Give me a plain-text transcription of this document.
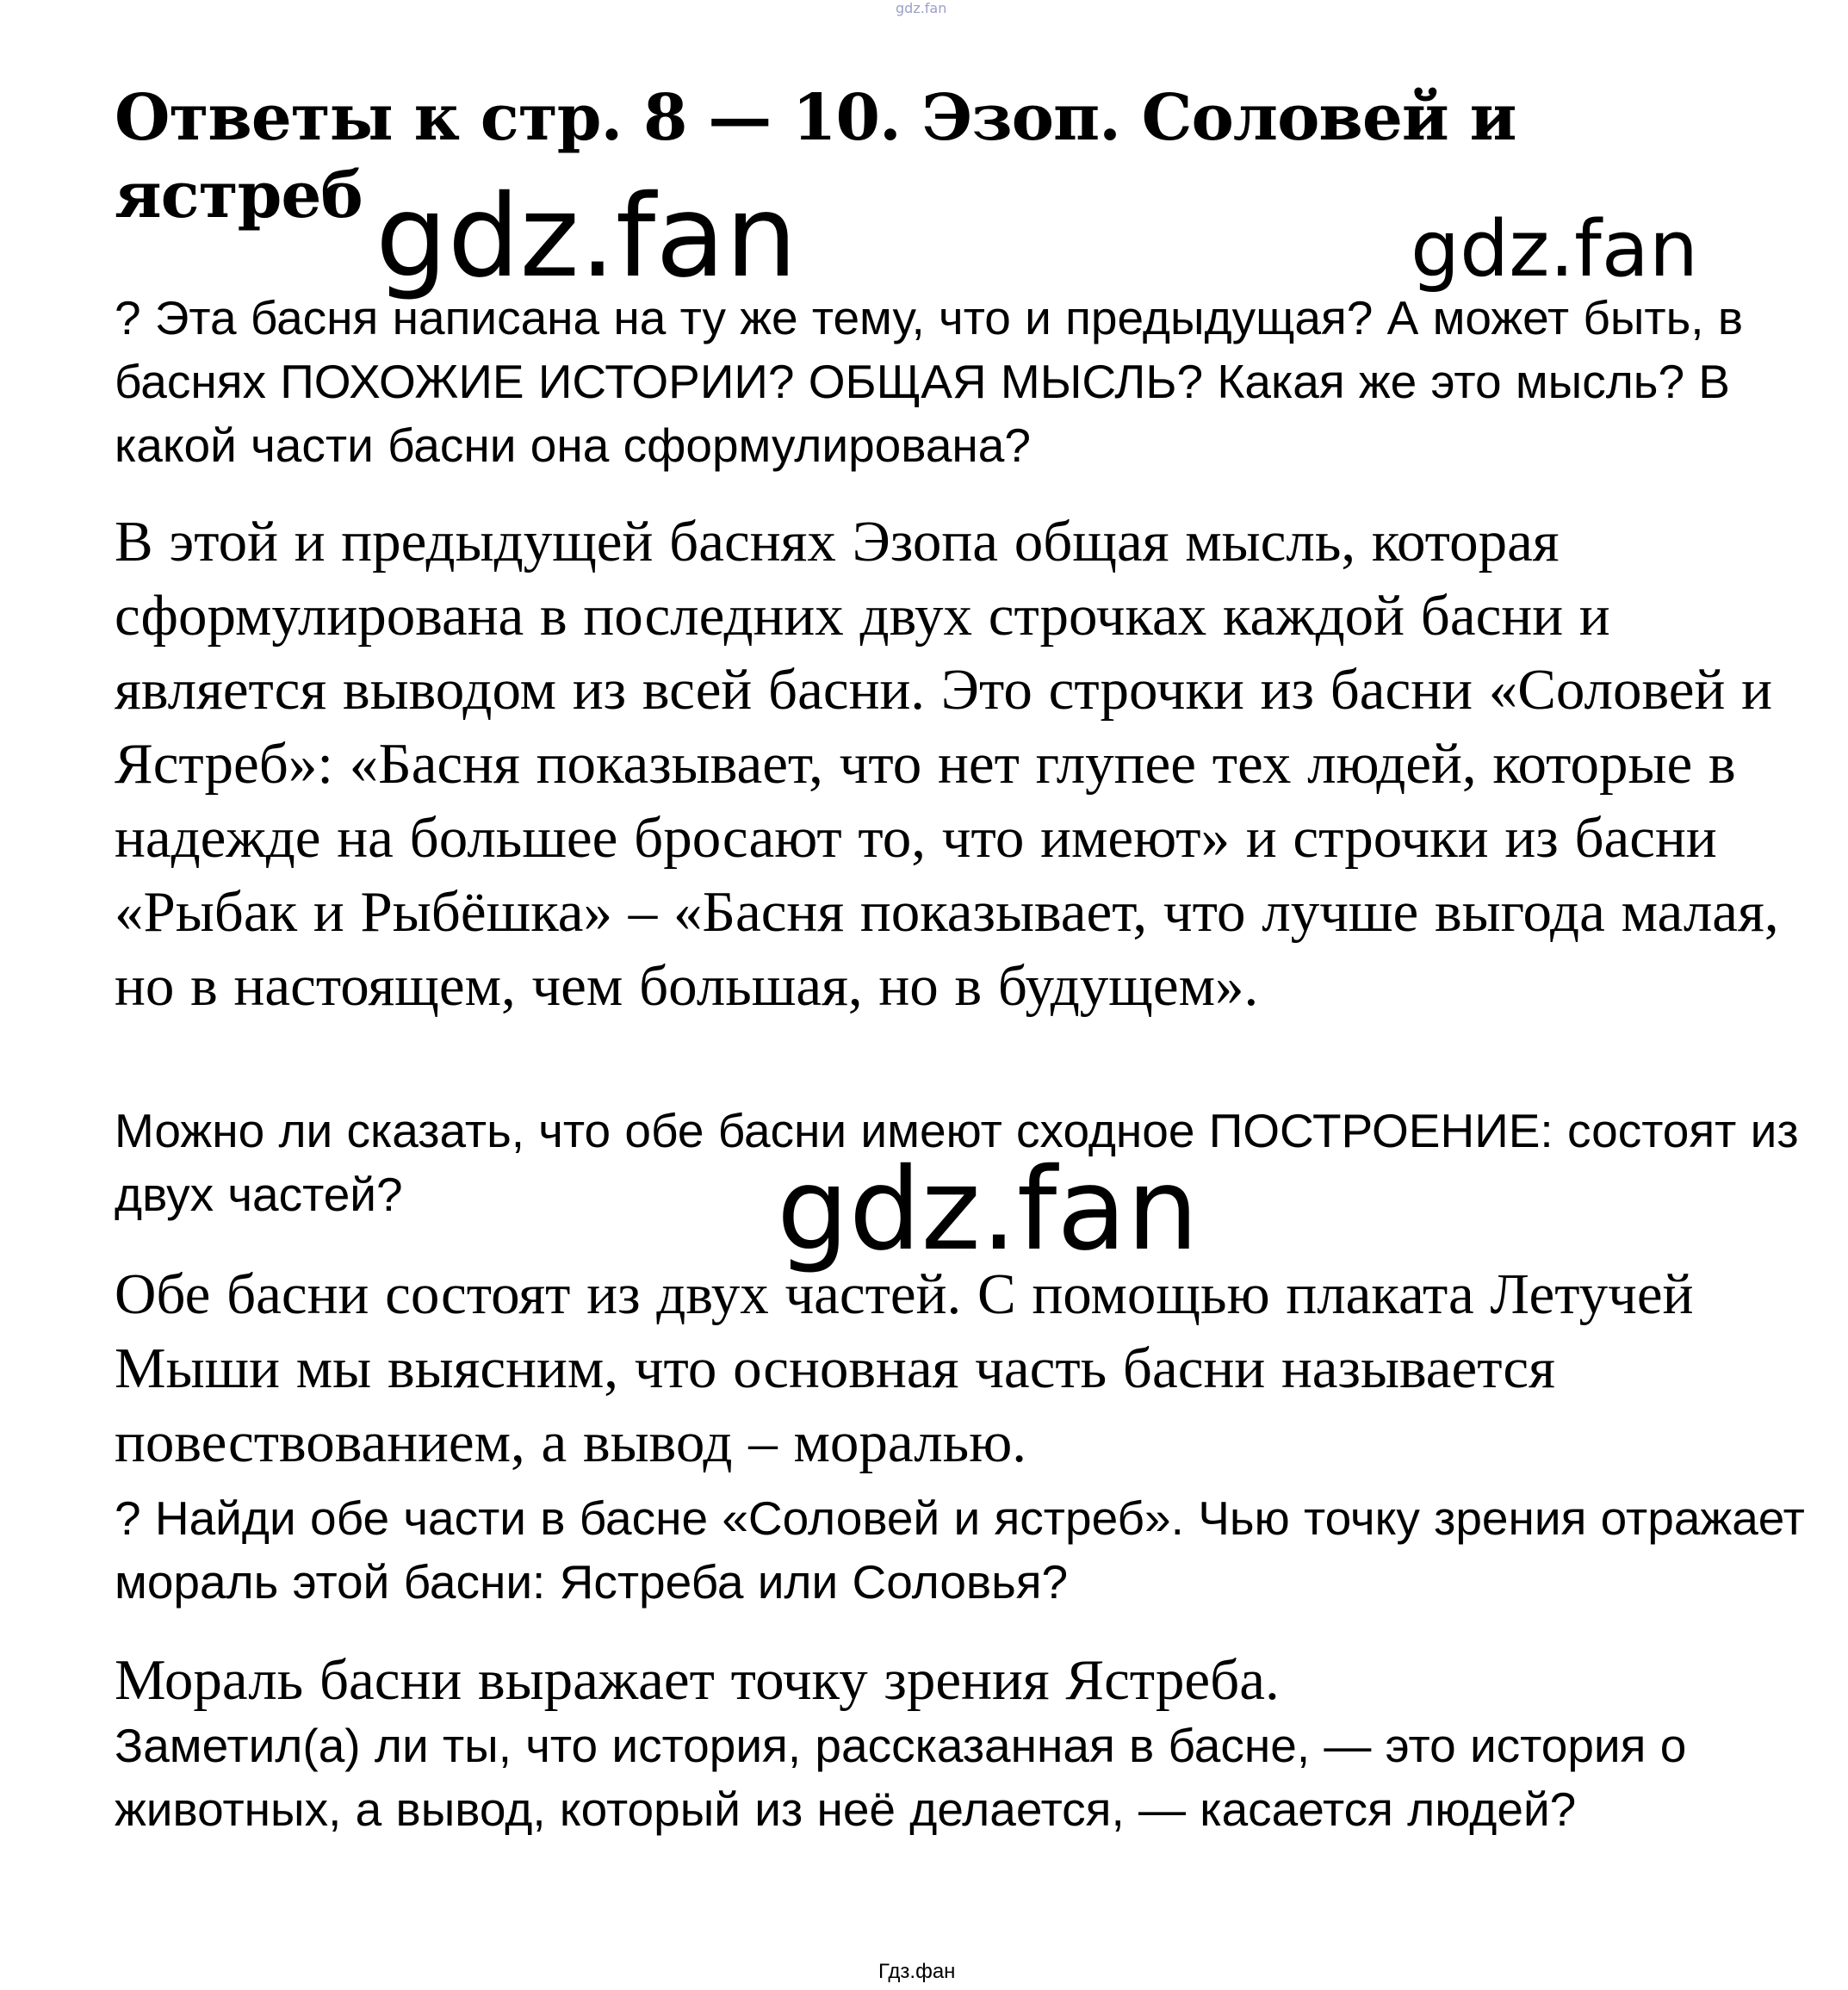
gdz.fan
Ответы к стр. 8 — 10. Эзоп. Соловей и ястреб

? Эта басня написана на ту же тему, что и предыдущая? А может быть, в баснях ПОХОЖИЕ ИСТОРИИ? ОБЩАЯ МЫСЛЬ? Какая же это мысль? В какой части басни она сформулирована?

В этой и предыдущей баснях Эзопа общая мысль, которая сформулирована в последних двух строчках каждой басни и является выводом из всей басни. Это строчки из басни «Соловей и Ястреб»: «Басня показывает, что нет глупее тех людей, которые в надежде на большее бросают то, что имеют» и строчки из басни «Рыбак и Рыбёшка» – «Басня показывает, что лучше выгода малая, но в настоящем, чем большая, но в будущем».

Можно ли сказать, что обе басни имеют сходное ПОСТРОЕНИЕ: состоят из двух частей?

Обе басни состоят из двух частей. С помощью плаката Летучей Мыши мы выясним, что основная часть басни называется повествованием, а вывод – моралью.

? Найди обе части в басне «Соловей и ястреб». Чью точку зрения отражает мораль этой басни: Ястреба или Соловья?

Мораль басни выражает точку зрения Ястреба.

Заметил(а) ли ты, что история, рассказанная в басне, — это история о животных, а вывод, который из неё делается, — касается людей?

gdz.fan	gdz.fan
gdz.fan
Гдз.фан
